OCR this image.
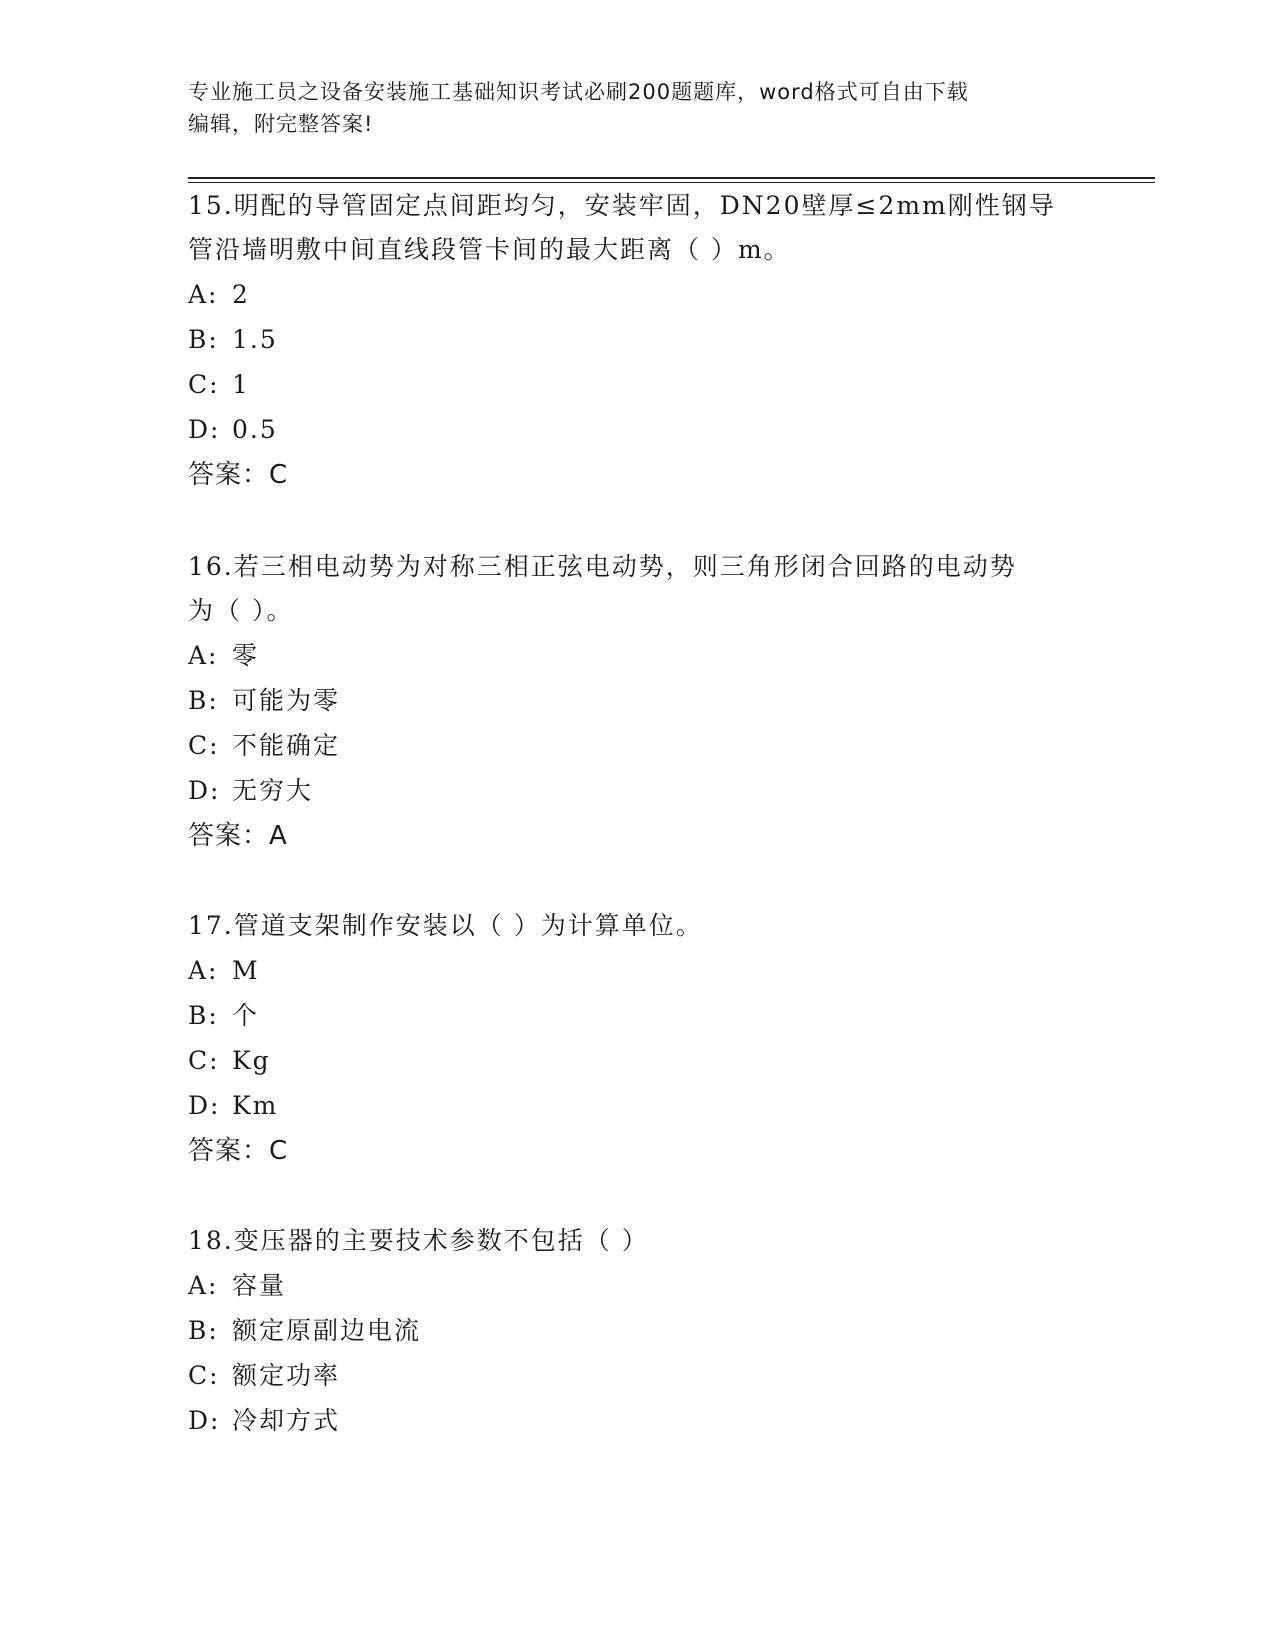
专业施工员之设备安装施工基础知识考试必刷200题题库，word格式可自由下载
编辑，附完整答案!
15.明配的导管固定点间距均匀，安装牢固，DN20壁厚≤2mm刚性钢导
管沿墙明敷中间直线段管卡间的最大距离（ ）m。
A: 2
B: 1.5
C: 1
D: 0.5
答案：C
16.若三相电动势为对称三相正弦电动势，则三角形闭合回路的电动势
为（ ）。
A: 零
B: 可能为零
C: 不能确定
D: 无穷大
答案：A
17.管道支架制作安装以（ ）为计算单位。
A: M
B: 个
C: Kg
D: Km
答案：C
18.变压器的主要技术参数不包括（ ）
A: 容量
B: 额定原副边电流
C: 额定功率
D: 冷却方式
